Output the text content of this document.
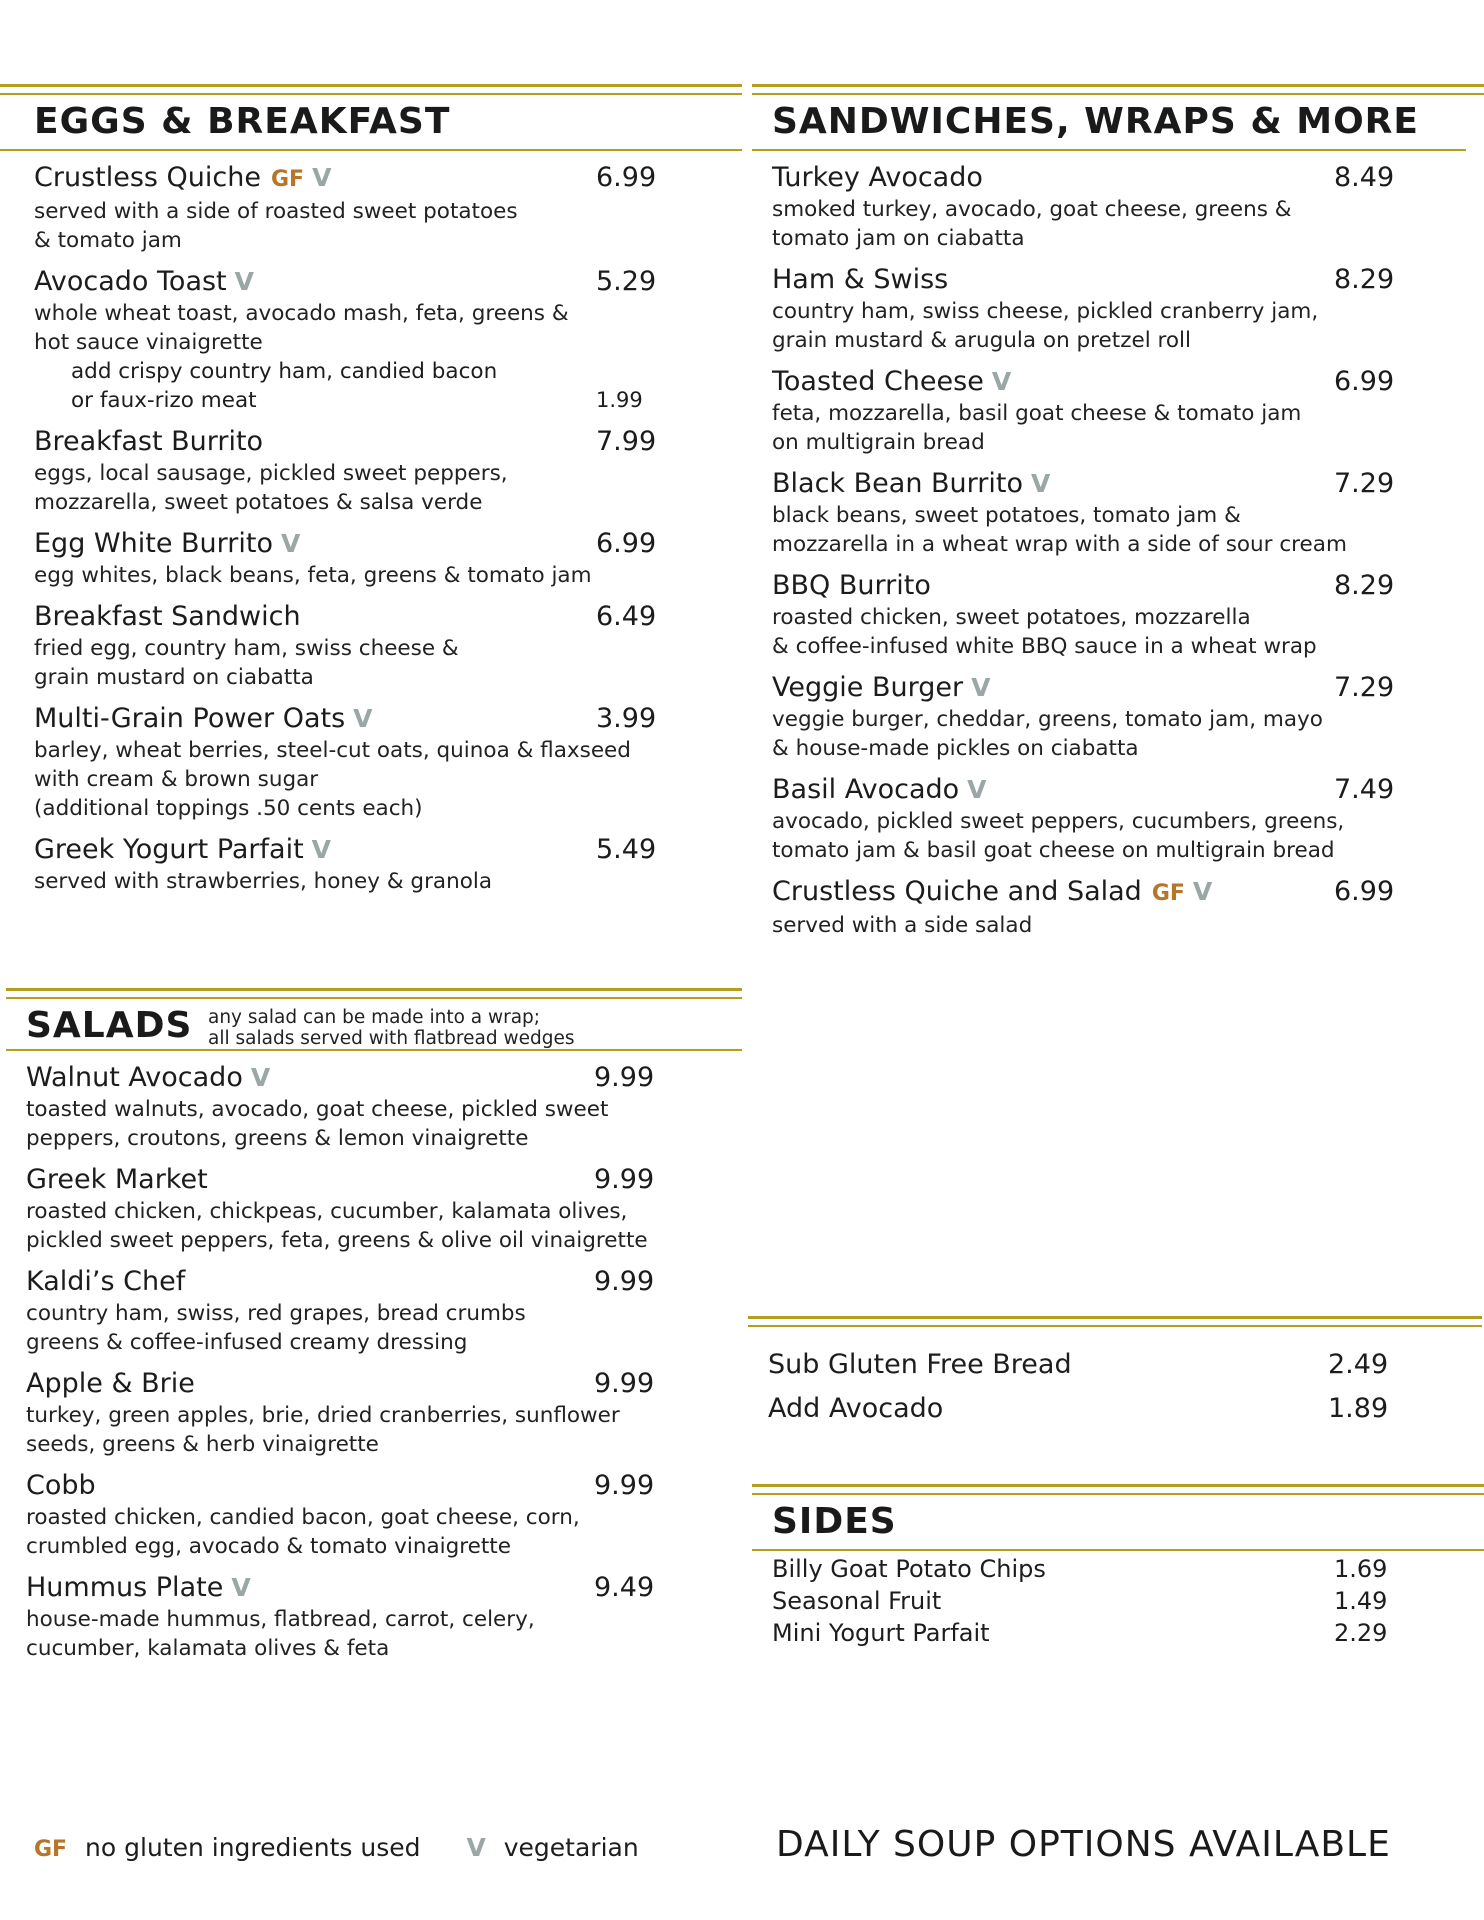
EGGS & BREAKFAST
Crustless Quiche GF V	6.99
served with a side of roasted sweet potatoes
& tomato jam
Avocado Toast V	5.29
whole wheat toast, avocado mash, feta, greens &
hot sauce vinaigrette
add crispy country ham, candied bacon
or faux-rizo meat	1.99
Breakfast Burrito	7.99
eggs, local sausage, pickled sweet peppers,
mozzarella, sweet potatoes & salsa verde
Egg White Burrito V	6.99
egg whites, black beans, feta, greens & tomato jam
Breakfast Sandwich	6.49
fried egg, country ham, swiss cheese &
grain mustard on ciabatta
Multi-Grain Power Oats V	3.99
barley, wheat berries, steel-cut oats, quinoa & flaxseed
with cream & brown sugar
(additional toppings .50 cents each)
Greek Yogurt Parfait V	5.49
served with strawberries, honey & granola
SANDWICHES, WRAPS & MORE
Turkey Avocado	8.49
smoked turkey, avocado, goat cheese, greens &
tomato jam on ciabatta
Ham & Swiss	8.29
country ham, swiss cheese, pickled cranberry jam,
grain mustard & arugula on pretzel roll
Toasted Cheese V	6.99
feta, mozzarella, basil goat cheese & tomato jam
on multigrain bread
Black Bean Burrito V	7.29
black beans, sweet potatoes, tomato jam &
mozzarella in a wheat wrap with a side of sour cream
BBQ Burrito	8.29
roasted chicken, sweet potatoes, mozzarella
& coffee-infused white BBQ sauce in a wheat wrap
Veggie Burger V	7.29
veggie burger, cheddar, greens, tomato jam, mayo
& house-made pickles on ciabatta
Basil Avocado V	7.49
avocado, pickled sweet peppers, cucumbers, greens,
tomato jam & basil goat cheese on multigrain bread
Crustless Quiche and Salad GF V	6.99
served with a side salad
SALADS any salad can be made into a wrap;
all salads served with flatbread wedges
Walnut Avocado V	9.99
toasted walnuts, avocado, goat cheese, pickled sweet
peppers, croutons, greens & lemon vinaigrette
Greek Market	9.99
roasted chicken, chickpeas, cucumber, kalamata olives,
pickled sweet peppers, feta, greens & olive oil vinaigrette
Kaldi’s Chef	9.99
country ham, swiss, red grapes, bread crumbs
greens & coffee-infused creamy dressing
Apple & Brie	9.99
turkey, green apples, brie, dried cranberries, sunflower
seeds, greens & herb vinaigrette
Cobb	9.99
roasted chicken, candied bacon, goat cheese, corn,
crumbled egg, avocado & tomato vinaigrette
Hummus Plate V	9.49
house-made hummus, flatbread, carrot, celery,
cucumber, kalamata olives & feta
Sub Gluten Free Bread	2.49
Add Avocado	1.89
SIDES
Billy Goat Potato Chips	1.69
Seasonal Fruit	1.49
Mini Yogurt Parfait	2.29
GF no gluten ingredients used V vegetarian	DAILY SOUP OPTIONS AVAILABLE
